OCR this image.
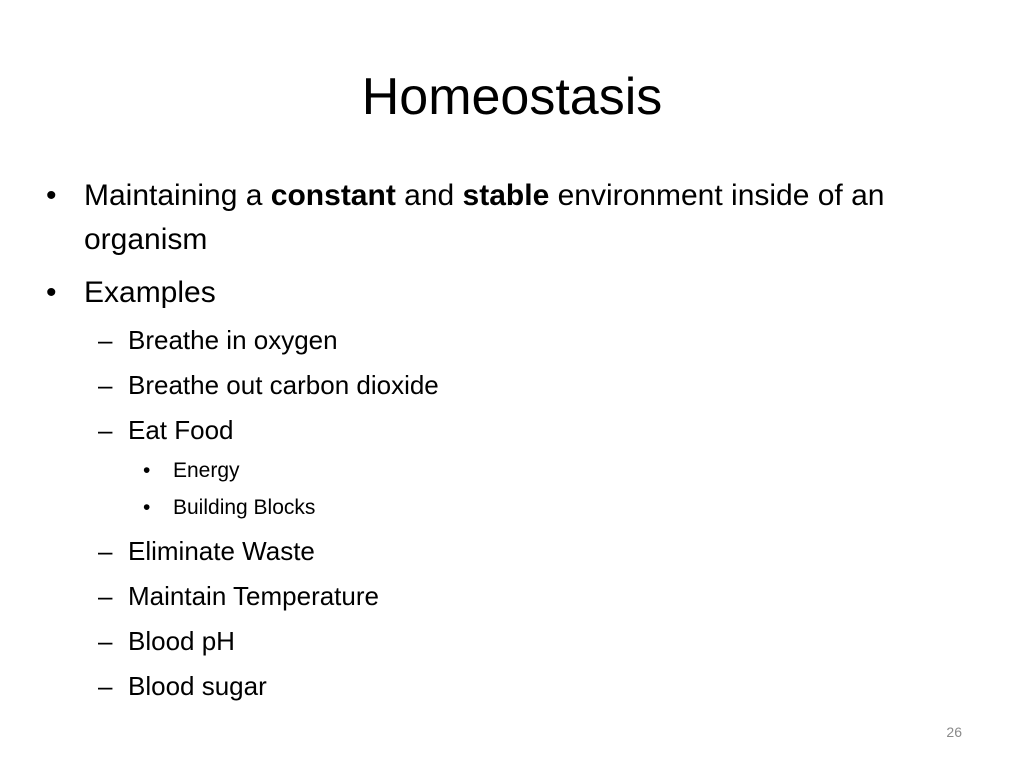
Homeostasis
• Maintaining a constant and stable environment inside of an organism
• Examples
– Breathe in oxygen
– Breathe out carbon dioxide
– Eat Food
• Energy
• Building Blocks
– Eliminate Waste
– Maintain Temperature
– Blood pH
– Blood sugar
26
